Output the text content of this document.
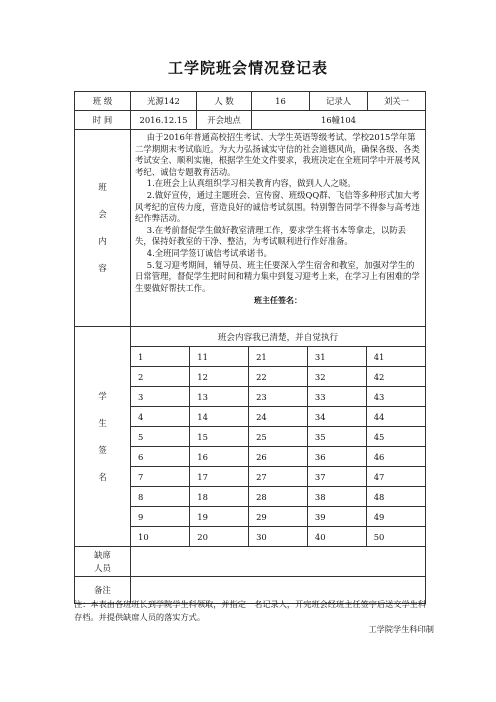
工学院班会情况登记表
班 级	光源142	人 数	16	记录人	刘关一
时 间	2016.12.15	开会地点	16幢104

班
会
内
容

由于2016年普通高校招生考试、大学生英语等级考试、学校2015学年第二学期期末考试临近。为大力弘扬诚实守信的社会道德风尚，确保各级、各类考试安全、顺利实施，根据学生处文件要求，我班决定在全班同学中开展考风考纪、诚信专题教育活动。

1.在班会上认真组织学习相关教育内容，做到人人之晓。

2.做好宣传，通过主题班会、宣传窗、班级QQ群、飞信等多种形式加大考风考纪的宣传力度，营造良好的诚信考试氛围。特别警告同学不得参与高考违纪作弊活动。

3.在考前督促学生做好教室清理工作，要求学生将书本等拿走，以防丢失，保持好教室的干净、整洁，为考试顺利进行作好准备。

4.全班同学签订诚信考试承诺书。

5.复习迎考期间，辅导员、班主任要深入学生宿舍和教室，加强对学生的日常管理，督促学生把时间和精力集中到复习迎考上来，在学习上有困难的学生要做好帮扶工作。

班主任签名：

学
生
签
名

班会内容我已清楚，并自觉执行
1	11	21	31	41
2	12	22	32	42
3	13	23	33	43
4	14	24	34	44
5	15	25	35	45
6	16	26	36	46
7	17	27	37	47
8	18	28	38	48
9	19	29	39	49
10	20	30	40	50

缺席
人员

备注	
注：本表由各班班长到学院学生科领取，并指定一名记录人，开完班会经班主任签字后送交学生科存档。并提供缺席人员的落实方式。
工学院学生科印制
